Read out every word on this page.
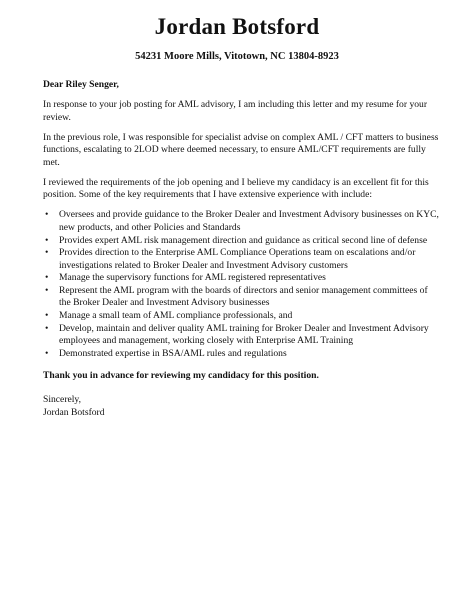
Jordan Botsford
54231 Moore Mills, Vitotown, NC 13804-8923

Dear Riley Senger,

In response to your job posting for AML advisory, I am including this letter and my resume for your review.

In the previous role, I was responsible for specialist advise on complex AML / CFT matters to business functions, escalating to 2LOD where deemed necessary, to ensure AML/CFT requirements are fully met.

I reviewed the requirements of the job opening and I believe my candidacy is an excellent fit for this position. Some of the key requirements that I have extensive experience with include:

• Oversees and provide guidance to the Broker Dealer and Investment Advisory businesses on KYC, new products, and other Policies and Standards
• Provides expert AML risk management direction and guidance as critical second line of defense
• Provides direction to the Enterprise AML Compliance Operations team on escalations and/or investigations related to Broker Dealer and Investment Advisory customers
• Manage the supervisory functions for AML registered representatives
• Represent the AML program with the boards of directors and senior management committees of the Broker Dealer and Investment Advisory businesses
• Manage a small team of AML compliance professionals, and
• Develop, maintain and deliver quality AML training for Broker Dealer and Investment Advisory employees and management, working closely with Enterprise AML Training
• Demonstrated expertise in BSA/AML rules and regulations

Thank you in advance for reviewing my candidacy for this position.

Sincerely,
Jordan Botsford
